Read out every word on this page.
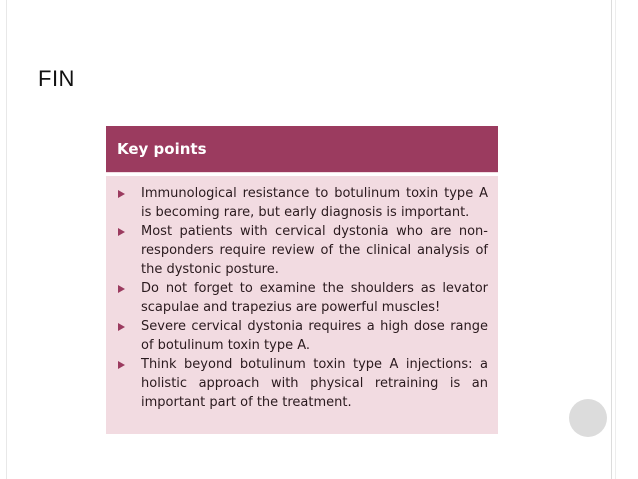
FIN
Key points
Immunological resistance to botulinum toxin type A is becoming rare, but early diagnosis is important.
Most patients with cervical dystonia who are non-responders require review of the clinical analysis of the dystonic posture.
Do not forget to examine the shoulders as levator scapulae and trapezius are powerful muscles!
Severe cervical dystonia requires a high dose range of botulinum toxin type A.
Think beyond botulinum toxin type A injections: a holistic approach with physical retraining is an important part of the treatment.
